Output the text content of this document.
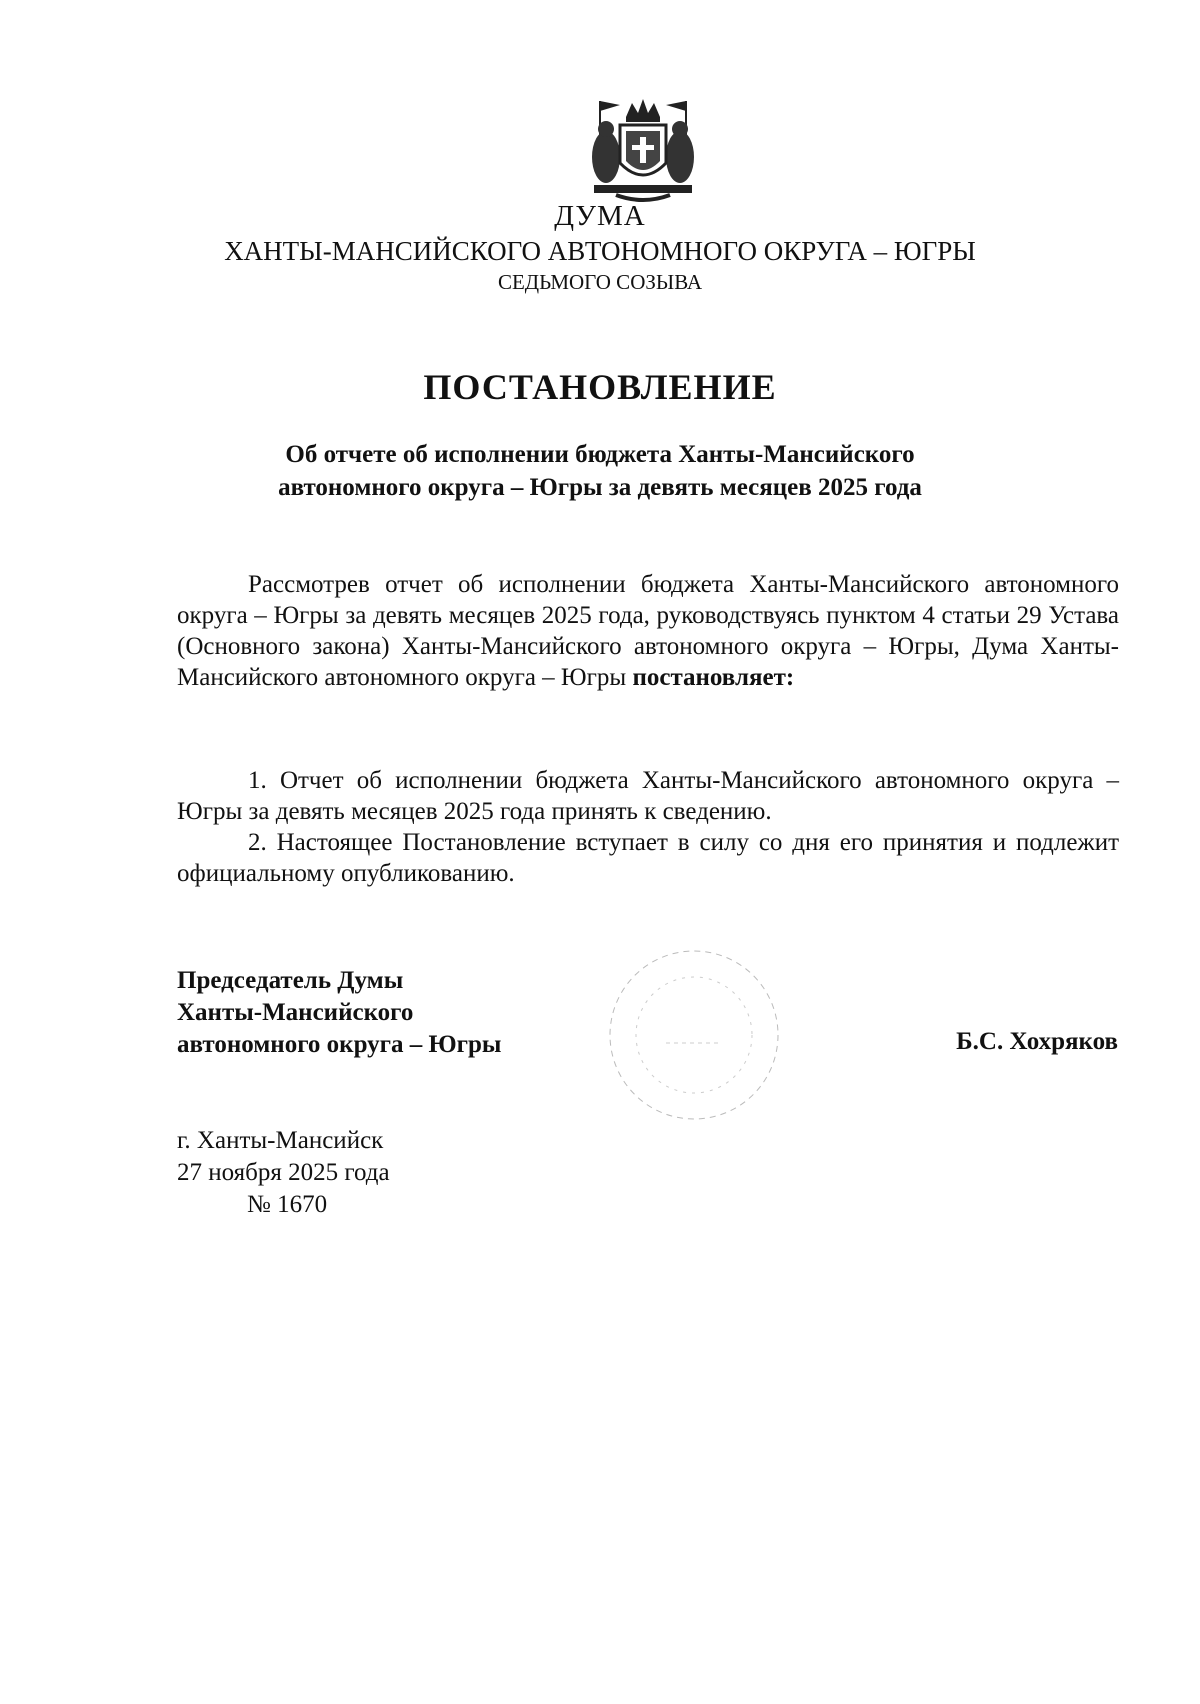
ДУМА
ХАНТЫ-МАНСИЙСКОГО АВТОНОМНОГО ОКРУГА – ЮГРЫ
СЕДЬМОГО СОЗЫВА
ПОСТАНОВЛЕНИЕ
Об отчете об исполнении бюджета Ханты-Мансийского
автономного округа – Югры за девять месяцев 2025 года
Рассмотрев отчет об исполнении бюджета Ханты-Мансийского автономного округа – Югры за девять месяцев 2025 года, руководствуясь пунктом 4 статьи 29 Устава (Основного закона) Ханты-Мансийского автономного округа – Югры, Дума Ханты-Мансийского автономного округа – Югры постановляет:
1. Отчет об исполнении бюджета Ханты-Мансийского автономного округа – Югры за девять месяцев 2025 года принять к сведению.
2. Настоящее Постановление вступает в силу со дня его принятия и подлежит официальному опубликованию.
Председатель Думы
Ханты-Мансийского
автономного округа – Югры	Б.С. Хохряков
г. Ханты-Мансийск
27 ноября 2025 года
№ 1670
